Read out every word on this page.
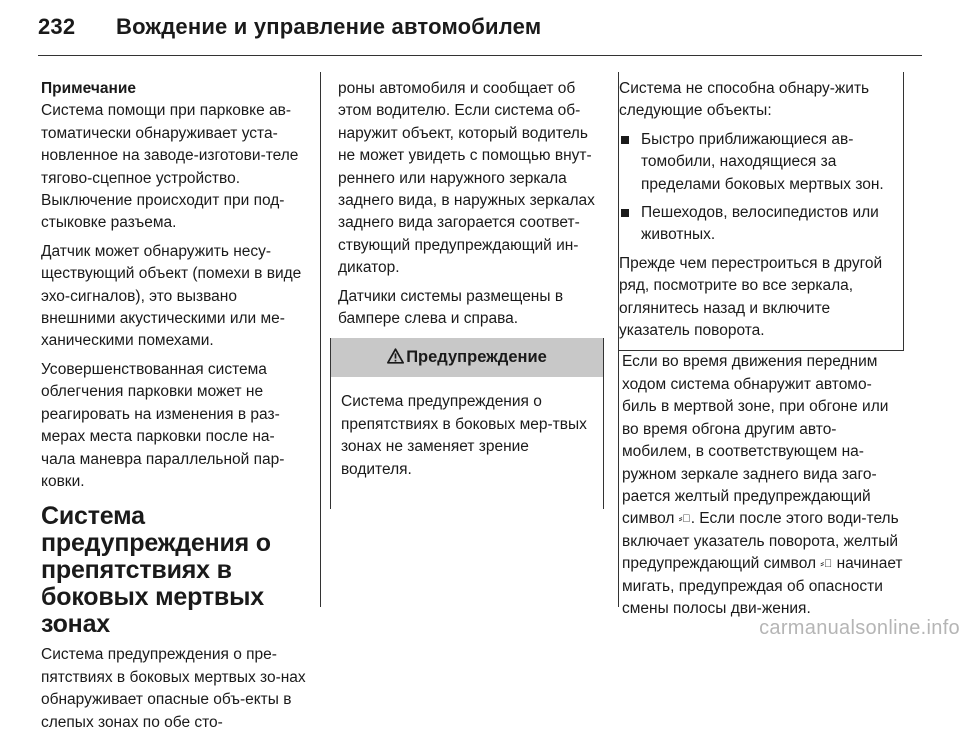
232 Вождение и управление автомобилем

Примечание

Система помощи при парковке ав-томатически обнаруживает уста-новленное на заводе-изготови-теле тягово-сцепное устройство. Выключение происходит при под-стыковке разъема.

Датчик может обнаружить несу-ществующий объект (помехи в виде эхо-сигналов), это вызвано внешними акустическими или ме-ханическими помехами.

Усовершенствованная система облегчения парковки может не реагировать на изменения в раз-мерах места парковки после на-чала маневра параллельной пар-ковки.

Система предупреждения о препятствиях в боковых мертвых зонах

Система предупреждения о пре-пятствиях в боковых мертвых зо-нах обнаруживает опасные объ-екты в слепых зонах по обе сто-

роны автомобиля и сообщает об этом водителю. Если система об-наружит объект, который водитель не может увидеть с помощью внут-реннего или наружного зеркала заднего вида, в наружных зеркалах заднего вида загорается соответ-ствующий предупреждающий ин-дикатор.

Датчики системы размещены в бампере слева и справа.

Предупреждение
Система предупреждения о препятствиях в боковых мер-твых зонах не заменяет зрение водителя.

Система не способна обнару-жить следующие объекты:

Быстро приближающиеся ав-томобили, находящиеся за пределами боковых мертвых зон.
Пешеходов, велосипедистов или животных.

Прежде чем перестроиться в другой ряд, посмотрите во все зеркала, оглянитесь назад и включите указатель поворота.

Если во время движения передним ходом система обнаружит автомо-биль в мертвой зоне, при обгоне или во время обгона другим авто-мобилем, в соответствующем на-ружном зеркале заднего вида заго-рается желтый предупреждающий символ ⸗⃞. Если после этого води-тель включает указатель поворота, желтый предупреждающий символ ⸗⃞ начинает мигать, предупреждая об опасности смены полосы дви-жения.

carmanualsonline.info
